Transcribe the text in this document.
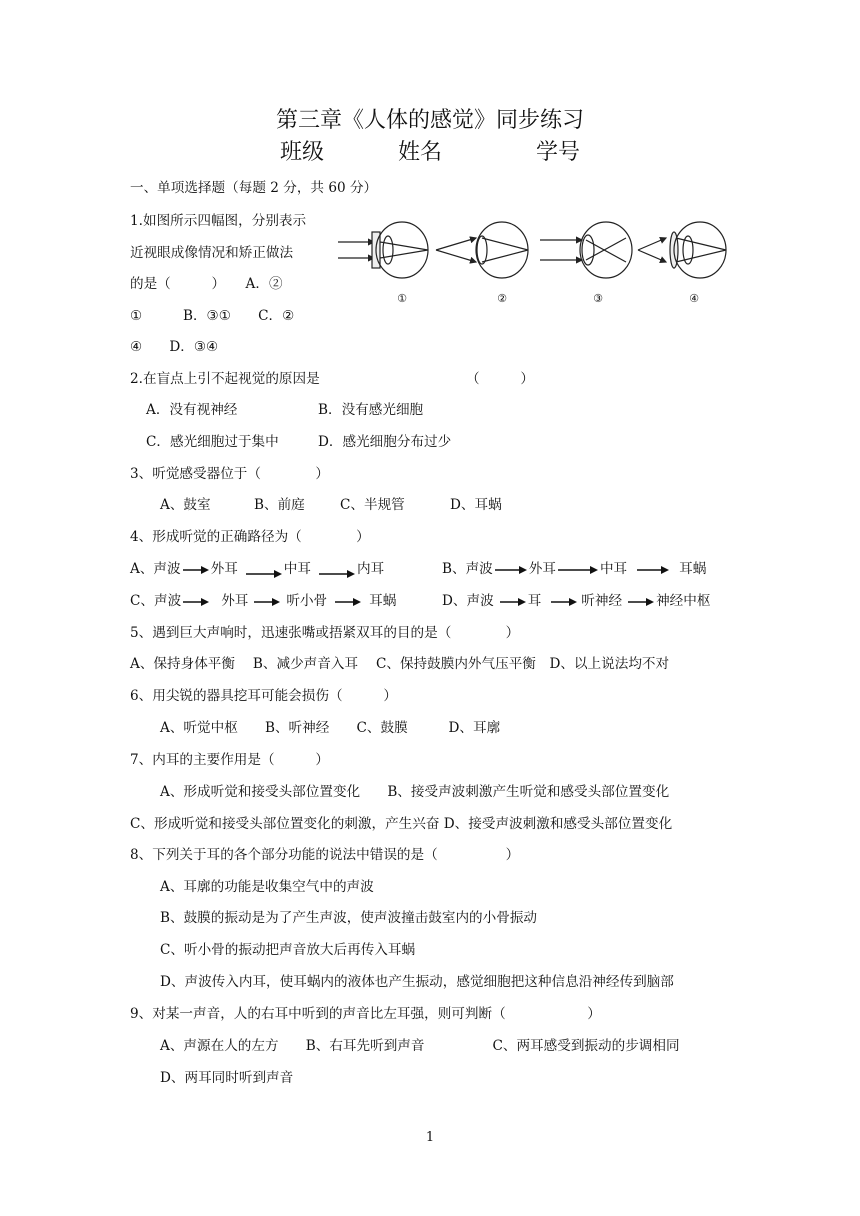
第三章《人体的感觉》同步练习
班级	姓名	学号
一、单项选择题（每题 2 分，共 60 分）
1.如图所示四幅图，分别表示
近视眼成像情况和矫正做法
的是（　　　）　　A．②
①　　　B．③①　　C．②
④　　D．③④
①	②	③	④
2.在盲点上引不起视觉的原因是	（　　　）
A．没有视神经	B．没有感光细胞
C．感光细胞过于集中	D．感光细胞分布过少
3、听觉感受器位于（　　　　）
A、鼓室	B、前庭	C、半规管	D、耳蜗
4、形成听觉的正确路径为（　　　　）
A、声波 外耳	中耳	内耳	B、声波	外耳	中耳	耳蜗
C、声波	外耳	听小骨	耳蜗	D、声波	耳	听神经	神经中枢
5、遇到巨大声响时，迅速张嘴或捂紧双耳的目的是（　　　　）
A、保持身体平衡　 B、减少声音入耳　 C、保持鼓膜内外气压平衡　D、以上说法均不对
6、用尖锐的器具挖耳可能会损伤（　　　）
A、听觉中枢　　B、听神经　　C、鼓膜　　　D、耳廓
7、内耳的主要作用是（　　　）
A、形成听觉和接受头部位置变化　　B、接受声波刺激产生听觉和感受头部位置变化
C、形成听觉和接受头部位置变化的刺激，产生兴奋 D、接受声波刺激和感受头部位置变化
8、下列关于耳的各个部分功能的说法中错误的是（　　　　　）
A、耳廓的功能是收集空气中的声波
B、鼓膜的振动是为了产生声波，使声波撞击鼓室内的小骨振动
C、听小骨的振动把声音放大后再传入耳蜗
D、声波传入内耳，使耳蜗内的液体也产生振动，感觉细胞把这种信息沿神经传到脑部
9、对某一声音，人的右耳中听到的声音比左耳强，则可判断（　　　　　　）
A、声源在人的左方　　B、右耳先听到声音　　　　　C、两耳感受到振动的步调相同
D、两耳同时听到声音
1
